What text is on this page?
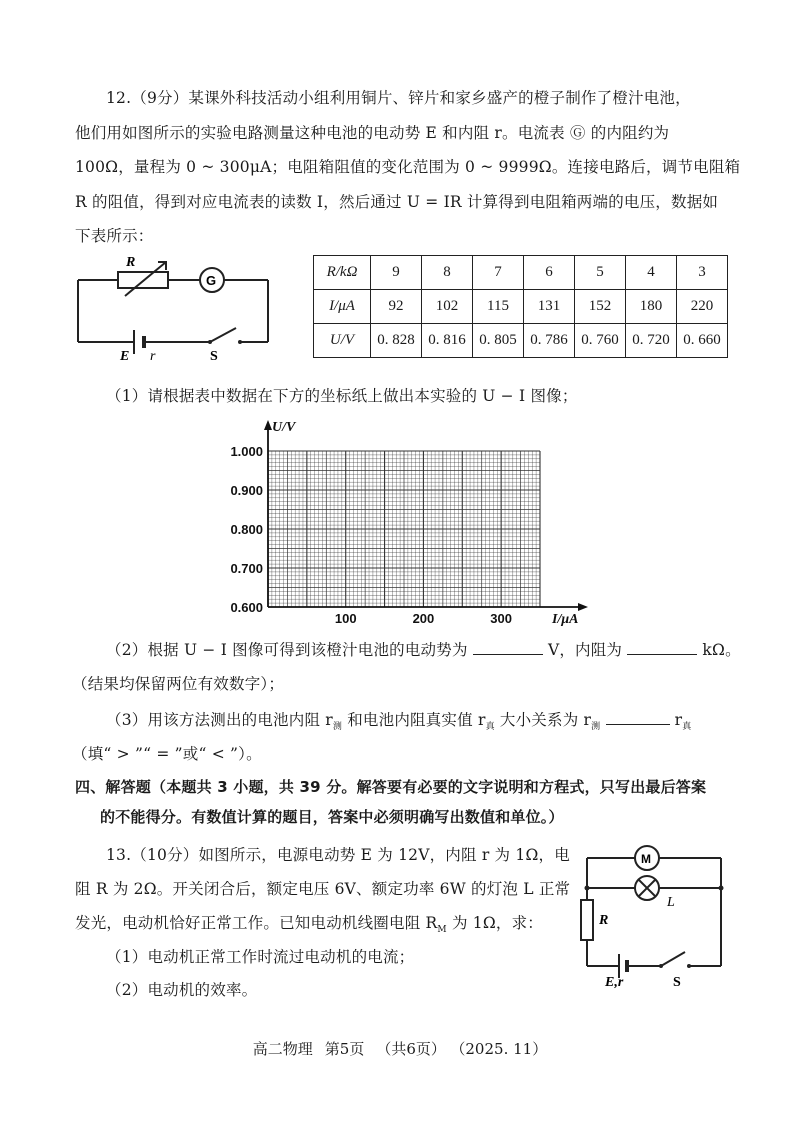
12.（9分）某课外科技活动小组利用铜片、锌片和家乡盛产的橙子制作了橙汁电池，
他们用如图所示的实验电路测量这种电池的电动势 E 和内阻 r。电流表 Ⓖ 的内阻约为
100Ω，量程为 0 ~ 300μA；电阻箱阻值的变化范围为 0 ~ 9999Ω。连接电路后，调节电阻箱
R 的阻值，得到对应电流表的读数 I，然后通过 U = IR 计算得到电阻箱两端的电压，数据如
下表所示：
R
G
E r	S
R/kΩ	9	8	7	6	5	4	3
I/μA	92	102	115	131	152	180	220
U/V	0. 828	0. 816	0. 805	0. 786	0. 760	0. 720	0. 660
（1）请根据表中数据在下方的坐标纸上做出本实验的 U − I 图像；
1.000
0.900
0.800
0.700
0.600
100	200	300
U/V
I/μA
（2）根据 U − I 图像可得到该橙汁电池的电动势为	V，内阻为	kΩ。
（结果均保留两位有效数字）；
（3）用该方法测出的电池内阻 $r_测$ 和电池内阻真实值 $r_真$ 大小关系为 $r_测$	$r_真$
（填“ > ”“ = ”或“ < ”）。
四、解答题（本题共 3 小题，共 39 分。解答要有必要的文字说明和方程式，只写出最后答案
的不能得分。有数值计算的题目，答案中必须明确写出数值和单位。）
13.（10分）如图所示，电源电动势 E 为 12V，内阻 r 为 1Ω，电
阻 R 为 2Ω。开关闭合后，额定电压 6V、额定功率 6W 的灯泡 L 正常
发光，电动机恰好正常工作。已知电动机线圈电阻 $R_M$ 为 1Ω，求：
（1）电动机正常工作时流过电动机的电流；
（2）电动机的效率。
M
L
R
E,r	S
高二物理 第5页 （共6页） （2025. 11）
